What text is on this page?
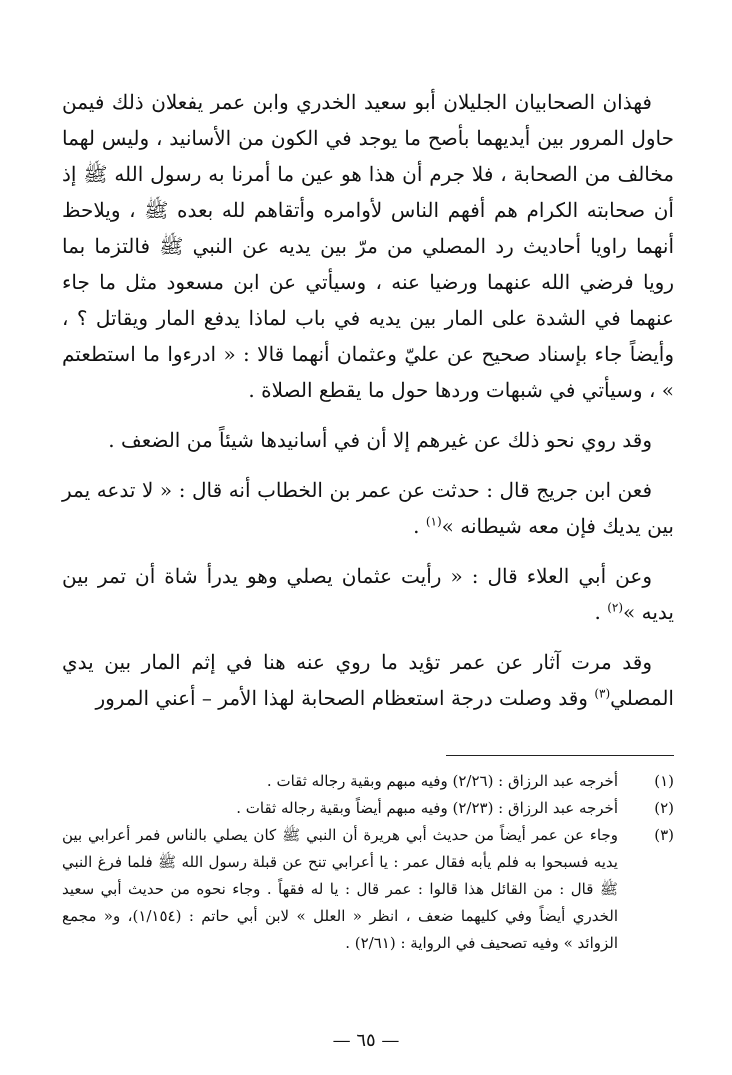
فهذان الصحابيان الجليلان أبو سعيد الخدري وابن عمر يفعلان ذلك فيمن حاول المرور بين أيديهما بأصح ما يوجد في الكون من الأسانيد ، وليس لهما مخالف من الصحابة ، فلا جرم أن هذا هو عين ما أمرنا به رسول الله ﷺ إذ أن صحابته الكرام هم أفهم الناس لأوامره وأتقاهم لله بعده ﷺ ، ويلاحظ أنهما راويا أحاديث رد المصلي من مرّ بين يديه عن النبي ﷺ فالتزما بما رويا فرضي الله عنهما ورضيا عنه ، وسيأتي عن ابن مسعود مثل ما جاء عنهما في الشدة على المار بين يديه في باب لماذا يدفع المار ويقاتل ؟ ، وأيضاً جاء بإسناد صحيح عن عليّ وعثمان أنهما قالا : « ادرءوا ما استطعتم » ، وسيأتي في شبهات وردها حول ما يقطع الصلاة .

وقد روي نحو ذلك عن غيرهم إلا أن في أسانيدها شيئاً من الضعف .

فعن ابن جريج قال : حدثت عن عمر بن الخطاب أنه قال : « لا تدعه يمر بين يديك فإن معه شيطانه »$^{(١)}$ .

وعن أبي العلاء قال : « رأيت عثمان يصلي وهو يدرأ شاة أن تمر بين يديه »$^{(٢)}$ .

وقد مرت آثار عن عمر تؤيد ما روي عنه هنا في إثم المار بين يدي المصلي$^{(٣)}$ وقد وصلت درجة استعظام الصحابة لهذا الأمر – أعني المرور

(١)
أخرجه عبد الرزاق : (٢/٢٦) وفيه مبهم وبقية رجاله ثقات .
(٢)
أخرجه عبد الرزاق : (٢/٢٣) وفيه مبهم أيضاً وبقية رجاله ثقات .
(٣)
وجاء عن عمر أيضاً من حديث أبي هريرة أن النبي ﷺ كان يصلي بالناس فمر أعرابي بين يديه فسبحوا به فلم يأبه فقال عمر : يا أعرابي تنح عن قبلة رسول الله ﷺ فلما فرغ النبي ﷺ قال : من القائل هذا قالوا : عمر قال : يا له فقهاً . وجاء نحوه من حديث أبي سعيد الخدري أيضاً وفي كليهما ضعف ، انظر « العلل » لابن أبي حاتم : (١/١٥٤)، و« مجمع الزوائد » وفيه تصحيف في الرواية : (٢/٦١) .
— ٦٥ —
